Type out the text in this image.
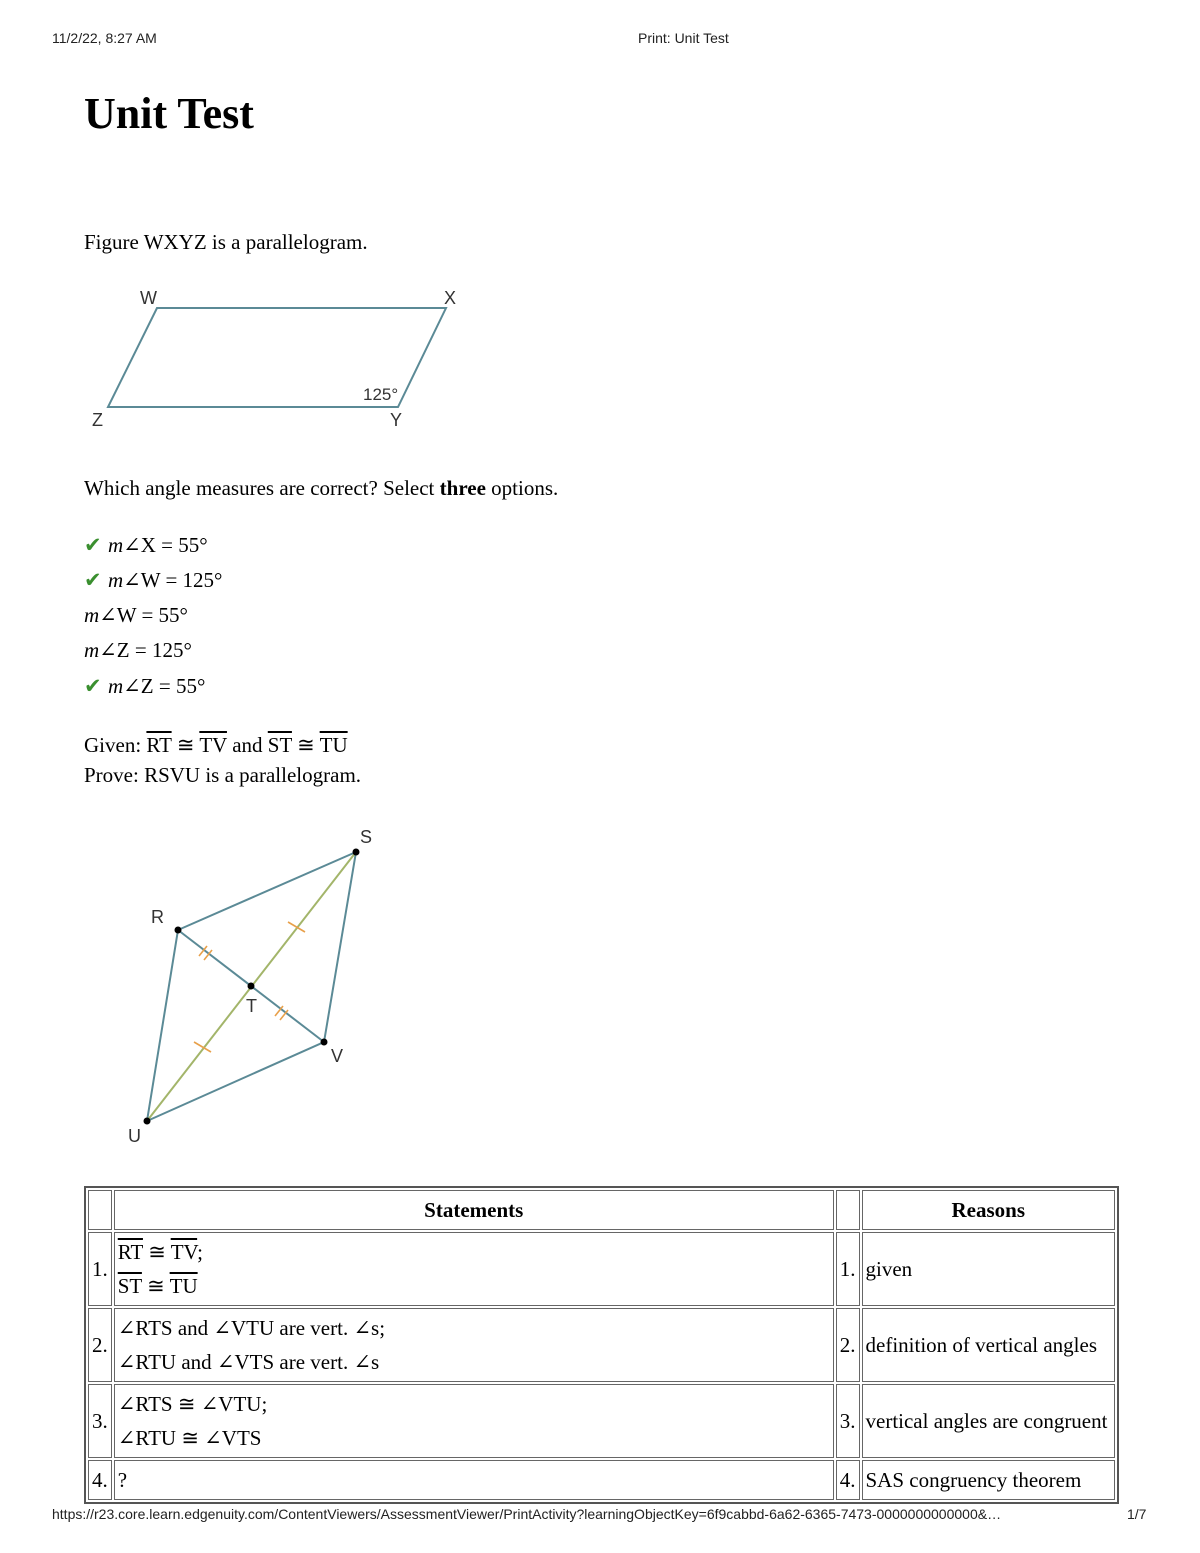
11/2/22, 8:27 AM	Print: Unit Test
Unit Test
Figure WXYZ is a parallelogram.
W	X
Z	Y
125°
Which angle measures are correct? Select three options.
✔ m∠X = 55°
✔ m∠W = 125°
m∠W = 55°
m∠Z = 125°
✔ m∠Z = 55°
Given: $\overline{RT}$ ≅ $\overline{TV}$ and $\overline{ST}$ ≅ $\overline{TU}$
Prove: RSVU is a parallelogram.
S
R
T
V
U
	Statements		Reasons
1.	$\overline{RT}$ ≅ $\overline{TV}$;
$\overline{ST}$ ≅ $\overline{TU}$	1.	given
2.	∠RTS and ∠VTU are vert. ∠s;
∠RTU and ∠VTS are vert. ∠s	2.	definition of vertical angles
3.	∠RTS ≅ ∠VTU;
∠RTU ≅ ∠VTS	3.	vertical angles are congruent
4.	?	4.	SAS congruency theorem
https://r23.core.learn.edgenuity.com/ContentViewers/AssessmentViewer/PrintActivity?learningObjectKey=6f9cabbd-6a62-6365-7473-0000000000000&…	1/7
